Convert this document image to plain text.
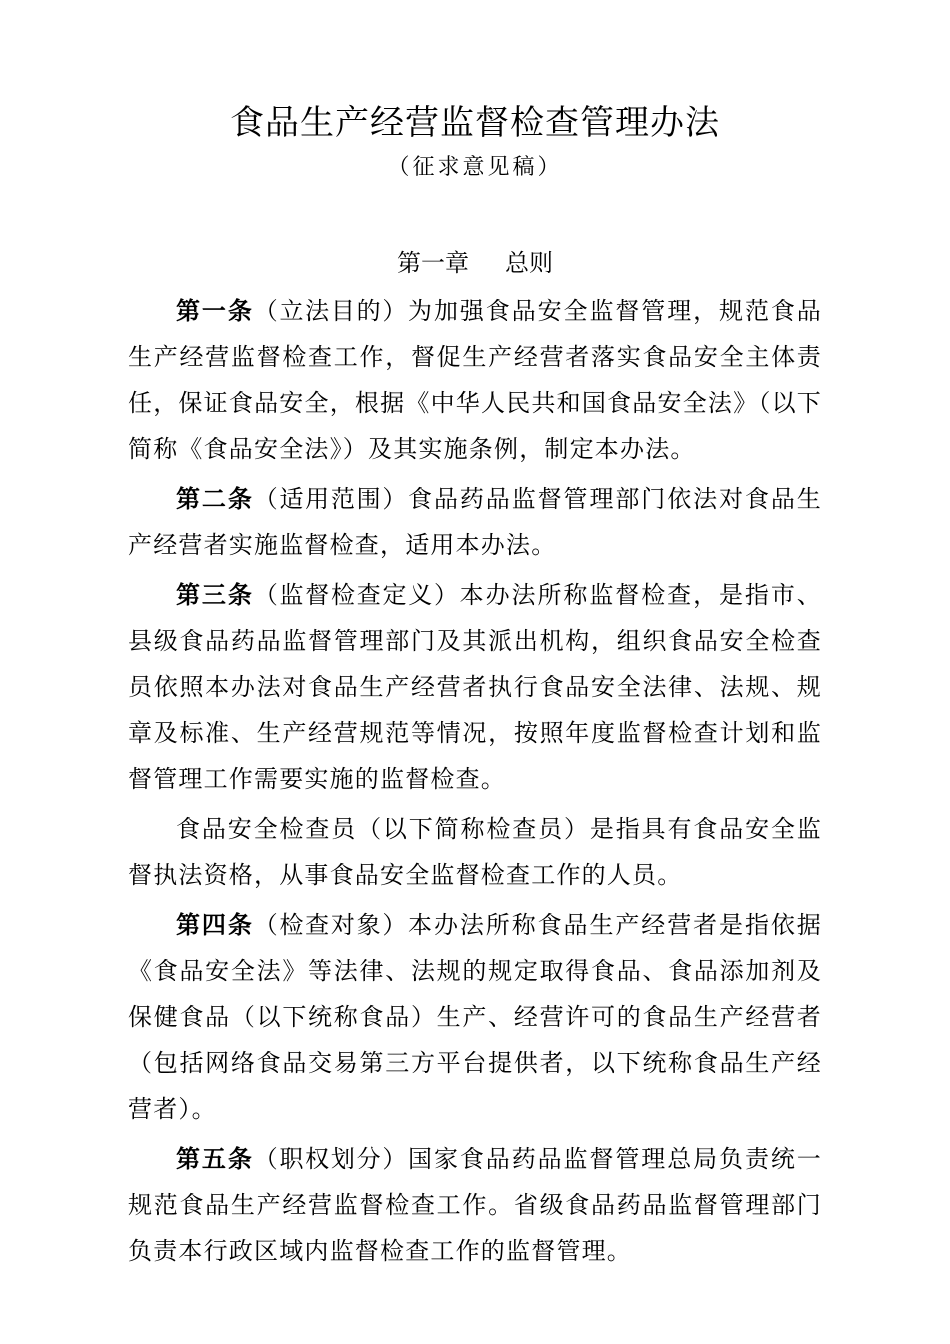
食品生产经营监督检查管理办法
（征求意见稿）
第一章 总则

第一条（立法目的）为加强食品安全监督管理，规范食品生产经营监督检查工作，督促生产经营者落实食品安全主体责任，保证食品安全，根据《中华人民共和国食品安全法》（以下简称《食品安全法》）及其实施条例，制定本办法。

第二条（适用范围）食品药品监督管理部门依法对食品生产经营者实施监督检查，适用本办法。

第三条（监督检查定义）本办法所称监督检查，是指市、县级食品药品监督管理部门及其派出机构，组织食品安全检查员依照本办法对食品生产经营者执行食品安全法律、法规、规章及标准、生产经营规范等情况，按照年度监督检查计划和监督管理工作需要实施的监督检查。

食品安全检查员（以下简称检查员）是指具有食品安全监督执法资格，从事食品安全监督检查工作的人员。

第四条（检查对象）本办法所称食品生产经营者是指依据《食品安全法》等法律、法规的规定取得食品、食品添加剂及保健食品（以下统称食品）生产、经营许可的食品生产经营者（包括网络食品交易第三方平台提供者，以下统称食品生产经营者）。

第五条（职权划分）国家食品药品监督管理总局负责统一规范食品生产经营监督检查工作。省级食品药品监督管理部门负责本行政区域内监督检查工作的监督管理。
